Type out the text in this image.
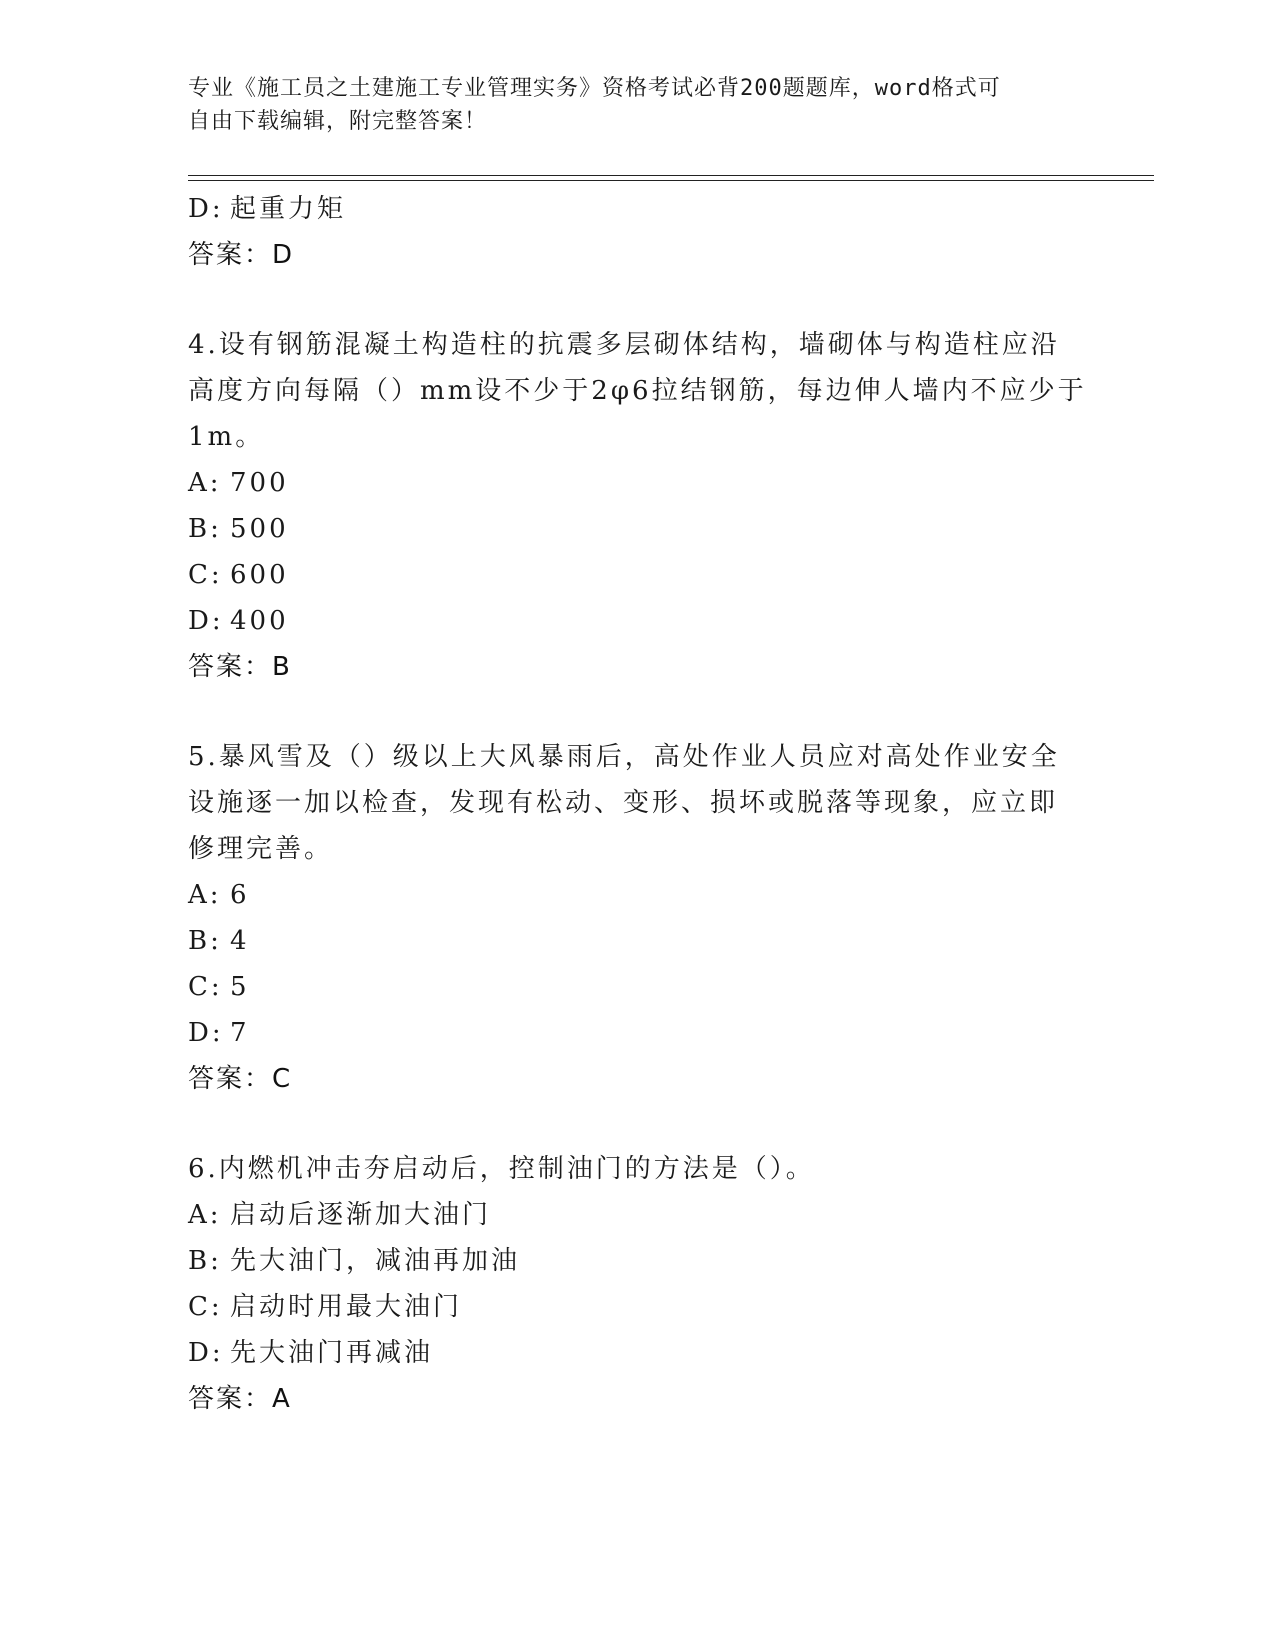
专业《施工员之土建施工专业管理实务》资格考试必背200题题库，word格式可
自由下载编辑，附完整答案！
D: 起重力矩
答案：D
4.设有钢筋混凝土构造柱的抗震多层砌体结构，墙砌体与构造柱应沿
高度方向每隔（）mm设不少于2φ6拉结钢筋，每边伸人墙内不应少于
1m。
A: 700
B: 500
C: 600
D: 400
答案：B
5.暴风雪及（）级以上大风暴雨后，高处作业人员应对高处作业安全
设施逐一加以检查，发现有松动、变形、损坏或脱落等现象，应立即
修理完善。
A: 6
B: 4
C: 5
D: 7
答案：C
6.内燃机冲击夯启动后，控制油门的方法是（）。
A: 启动后逐渐加大油门
B: 先大油门，减油再加油
C: 启动时用最大油门
D: 先大油门再减油
答案：A
